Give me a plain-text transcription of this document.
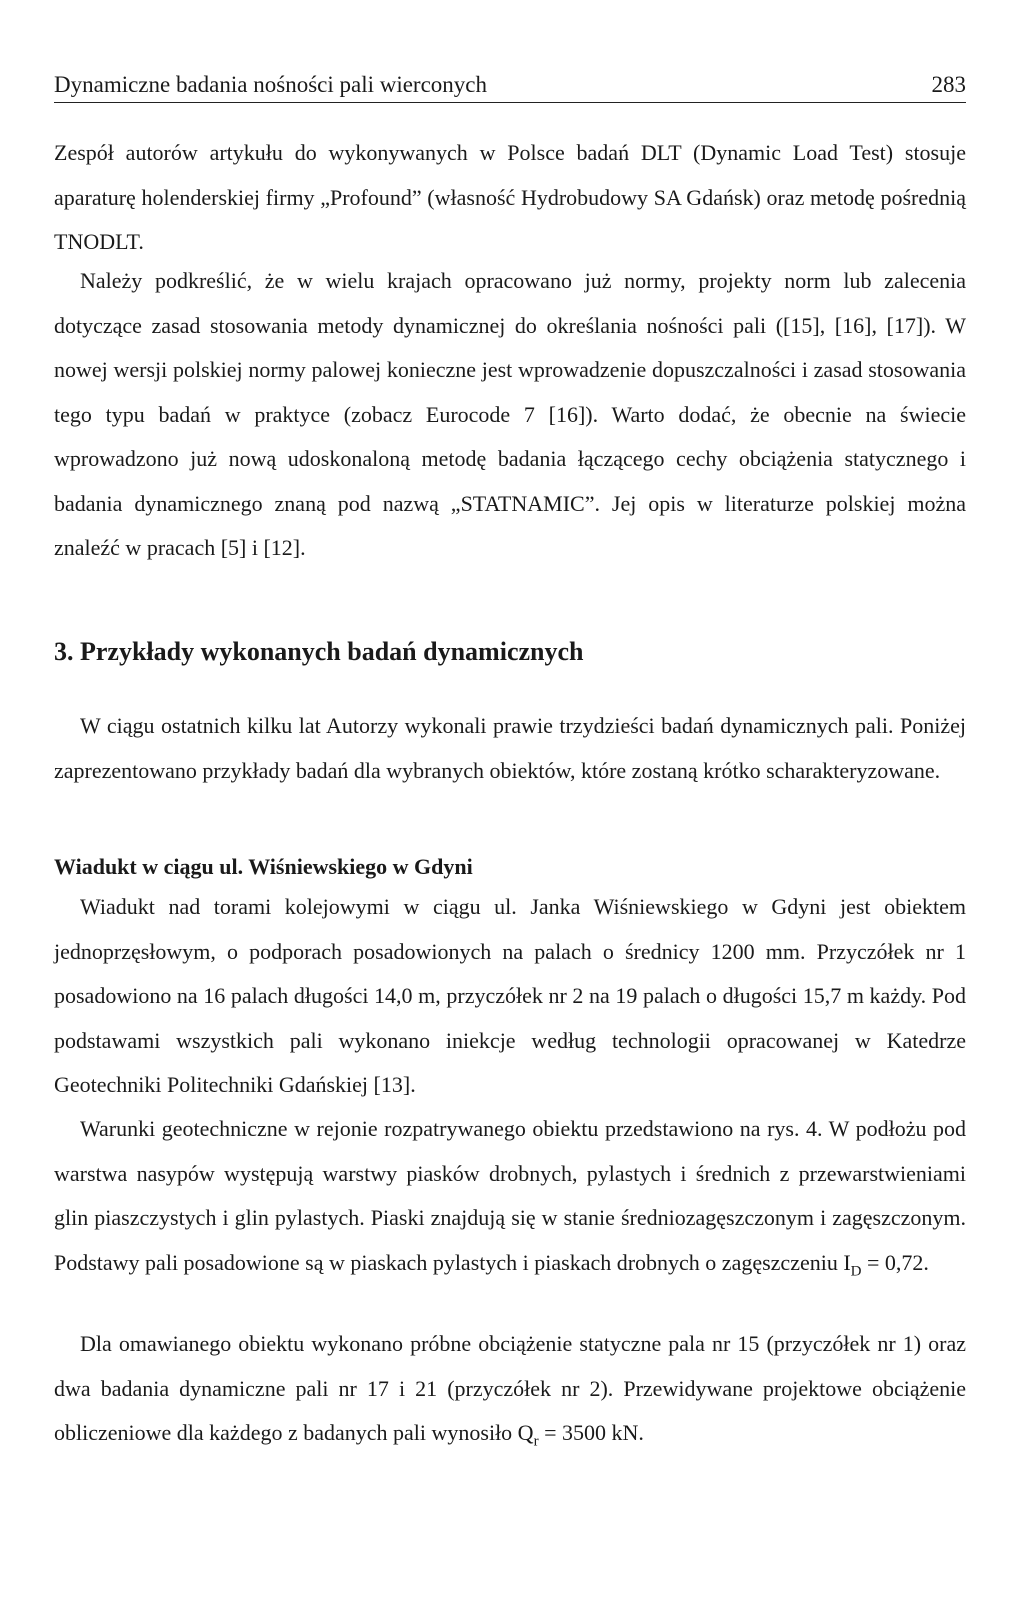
Dynamiczne badania nośności pali wierconych	283

Zespół autorów artykułu do wykonywanych w Polsce badań DLT (Dynamic Load Test) stosuje aparaturę holenderskiej firmy „Profound” (własność Hydrobudowy SA Gdańsk) oraz metodę pośrednią TNODLT.

Należy podkreślić, że w wielu krajach opracowano już normy, projekty norm lub zalecenia dotyczące zasad stosowania metody dynamicznej do określania nośności pali ([15], [16], [17]). W nowej wersji polskiej normy palowej konieczne jest wprowadzenie dopuszczalności i zasad stosowania tego typu badań w praktyce (zobacz Eurocode 7 [16]). Warto dodać, że obecnie na świecie wprowadzono już nową udoskonaloną metodę badania łączącego cechy obciążenia statycznego i badania dynamicznego znaną pod nazwą „STATNAMIC”. Jej opis w literaturze polskiej można znaleźć w pracach [5] i [12].

3. Przykłady wykonanych badań dynamicznych

W ciągu ostatnich kilku lat Autorzy wykonali prawie trzydzieści badań dynamicznych pali. Poniżej zaprezentowano przykłady badań dla wybranych obiektów, które zostaną krótko scharakteryzowane.

Wiadukt w ciągu ul. Wiśniewskiego w Gdyni

Wiadukt nad torami kolejowymi w ciągu ul. Janka Wiśniewskiego w Gdyni jest obiektem jednoprzęsłowym, o podporach posadowionych na palach o średnicy 1200 mm. Przyczółek nr 1 posadowiono na 16 palach długości 14,0 m, przyczółek nr 2 na 19 palach o długości 15,7 m każdy. Pod podstawami wszystkich pali wykonano iniekcje według technologii opracowanej w Katedrze Geotechniki Politechniki Gdańskiej [13].

Warunki geotechniczne w rejonie rozpatrywanego obiektu przedstawiono na rys. 4. W podłożu pod warstwa nasypów występują warstwy piasków drobnych, pylastych i średnich z przewarstwieniami glin piaszczystych i glin pylastych. Piaski znajdują się w stanie średniozagęszczonym i zagęszczonym. Podstawy pali posadowione są w piaskach pylastych i piaskach drobnych o zagęszczeniu $I_D = 0,72$.

Dla omawianego obiektu wykonano próbne obciążenie statyczne pala nr 15 (przyczółek nr 1) oraz dwa badania dynamiczne pali nr 17 i 21 (przyczółek nr 2). Przewidywane projektowe obciążenie obliczeniowe dla każdego z badanych pali wynosiło $Q_r = 3500$ kN.
